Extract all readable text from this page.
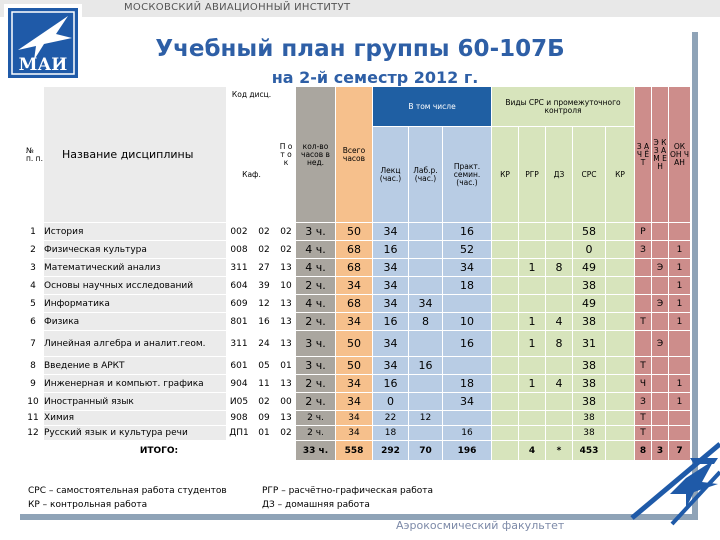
МОСКОВСКИЙ АВИАЦИОННЫЙ ИНСТИТУТ
МАИ
Учебный план группы 60-107Б
на 2-й семестр 2012 г.
№ п. п.	Название дисциплины	Код дисц.		П о т о к	кол-во часов в нед.	Всего часов	В том числе			Виды СРС и промежуточного контроля					З А Ч Ё Т	Э К З А М Е Н	ОК ОН Ч АН
		Каф.					Лекц (час.)	Лаб.р. (час.)	Практ. семин. (час.)	КР	РГР	ДЗ	СРС	КР			
1	История	002	02	02	3 ч.	50	34		16				58		Р		
2	Физическая культура	008	02	02	4 ч.	68	16		52				0		З		1
3	Математический анализ	311	27	13	4 ч.	68	34		34		1	8	49			Э	1
4	Основы научных исследований	604	39	10	2 ч.	34	34		18				38				1
5	Информатика	609	12	13	4 ч.	68	34	34					49			Э	1
6	Физика	801	16	13	2 ч.	34	16	8	10		1	4	38		Т		1
7	Линейная алгебра и аналит.геом.	311	24	13	3 ч.	50	34		16		1	8	31			Э	
8	Введение в АРКТ	601	05	01	3 ч.	50	34	16					38		Т		
9	Инженерная и компьют. графика	904	11	13	2 ч.	34	16		18		1	4	38		Ч		1
10	Иностранный язык	И05	02	00	2 ч.	34	0		34				38		З		1
11	Химия	908	09	13	2 ч.	34	22	12					38		Т		
12	Русский язык и культура речи	ДП1	01	02	2 ч.	34	18		16				38		Т		
ИТОГО:					33 ч.	558	292	70	196		4	*	453		8	3	7
СРС – самостоятельная работа студентов
КР – контрольная работа
РГР – расчётно-графическая работа
ДЗ – домашняя работа
Аэрокосмический факультет
